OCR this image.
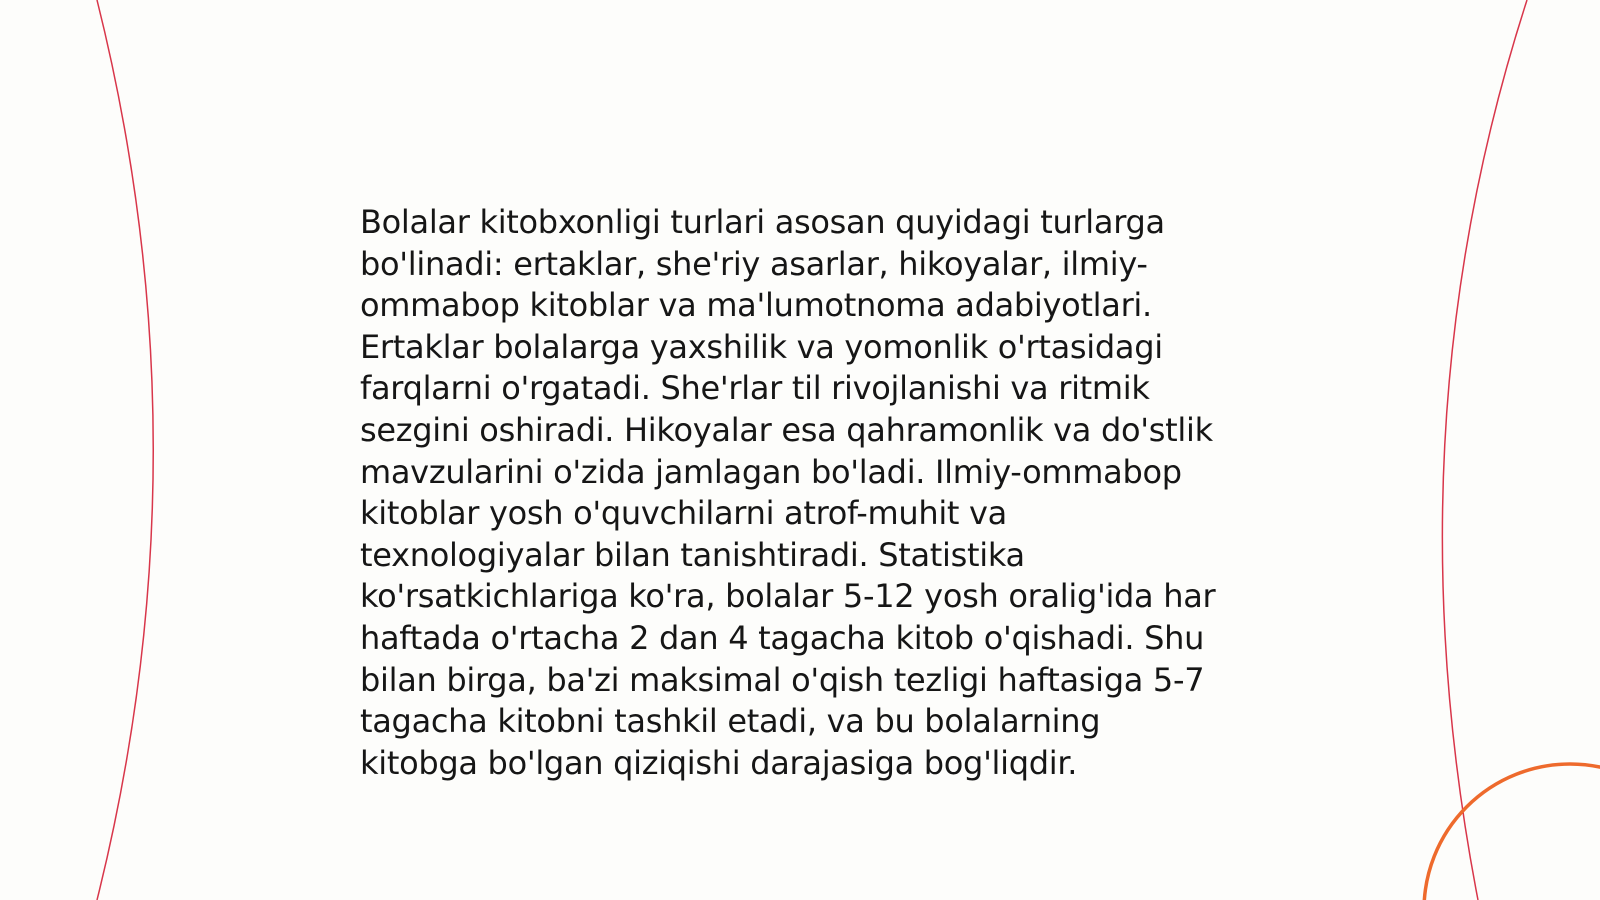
Bolalar kitobxonligi turlari asosan quyidagi turlarga
bo'linadi: ertaklar, she'riy asarlar, hikoyalar, ilmiy-
ommabop kitoblar va ma'lumotnoma adabiyotlari.
Ertaklar bolalarga yaxshilik va yomonlik o'rtasidagi
farqlarni o'rgatadi. She'rlar til rivojlanishi va ritmik
sezgini oshiradi. Hikoyalar esa qahramonlik va do'stlik
mavzularini o'zida jamlagan bo'ladi. Ilmiy-ommabop
kitoblar yosh o'quvchilarni atrof-muhit va
texnologiyalar bilan tanishtiradi. Statistika
ko'rsatkichlariga ko'ra, bolalar 5-12 yosh oralig'ida har
haftada o'rtacha 2 dan 4 tagacha kitob o'qishadi. Shu
bilan birga, ba'zi maksimal o'qish tezligi haftasiga 5-7
tagacha kitobni tashkil etadi, va bu bolalarning
kitobga bo'lgan qiziqishi darajasiga bog'liqdir.
